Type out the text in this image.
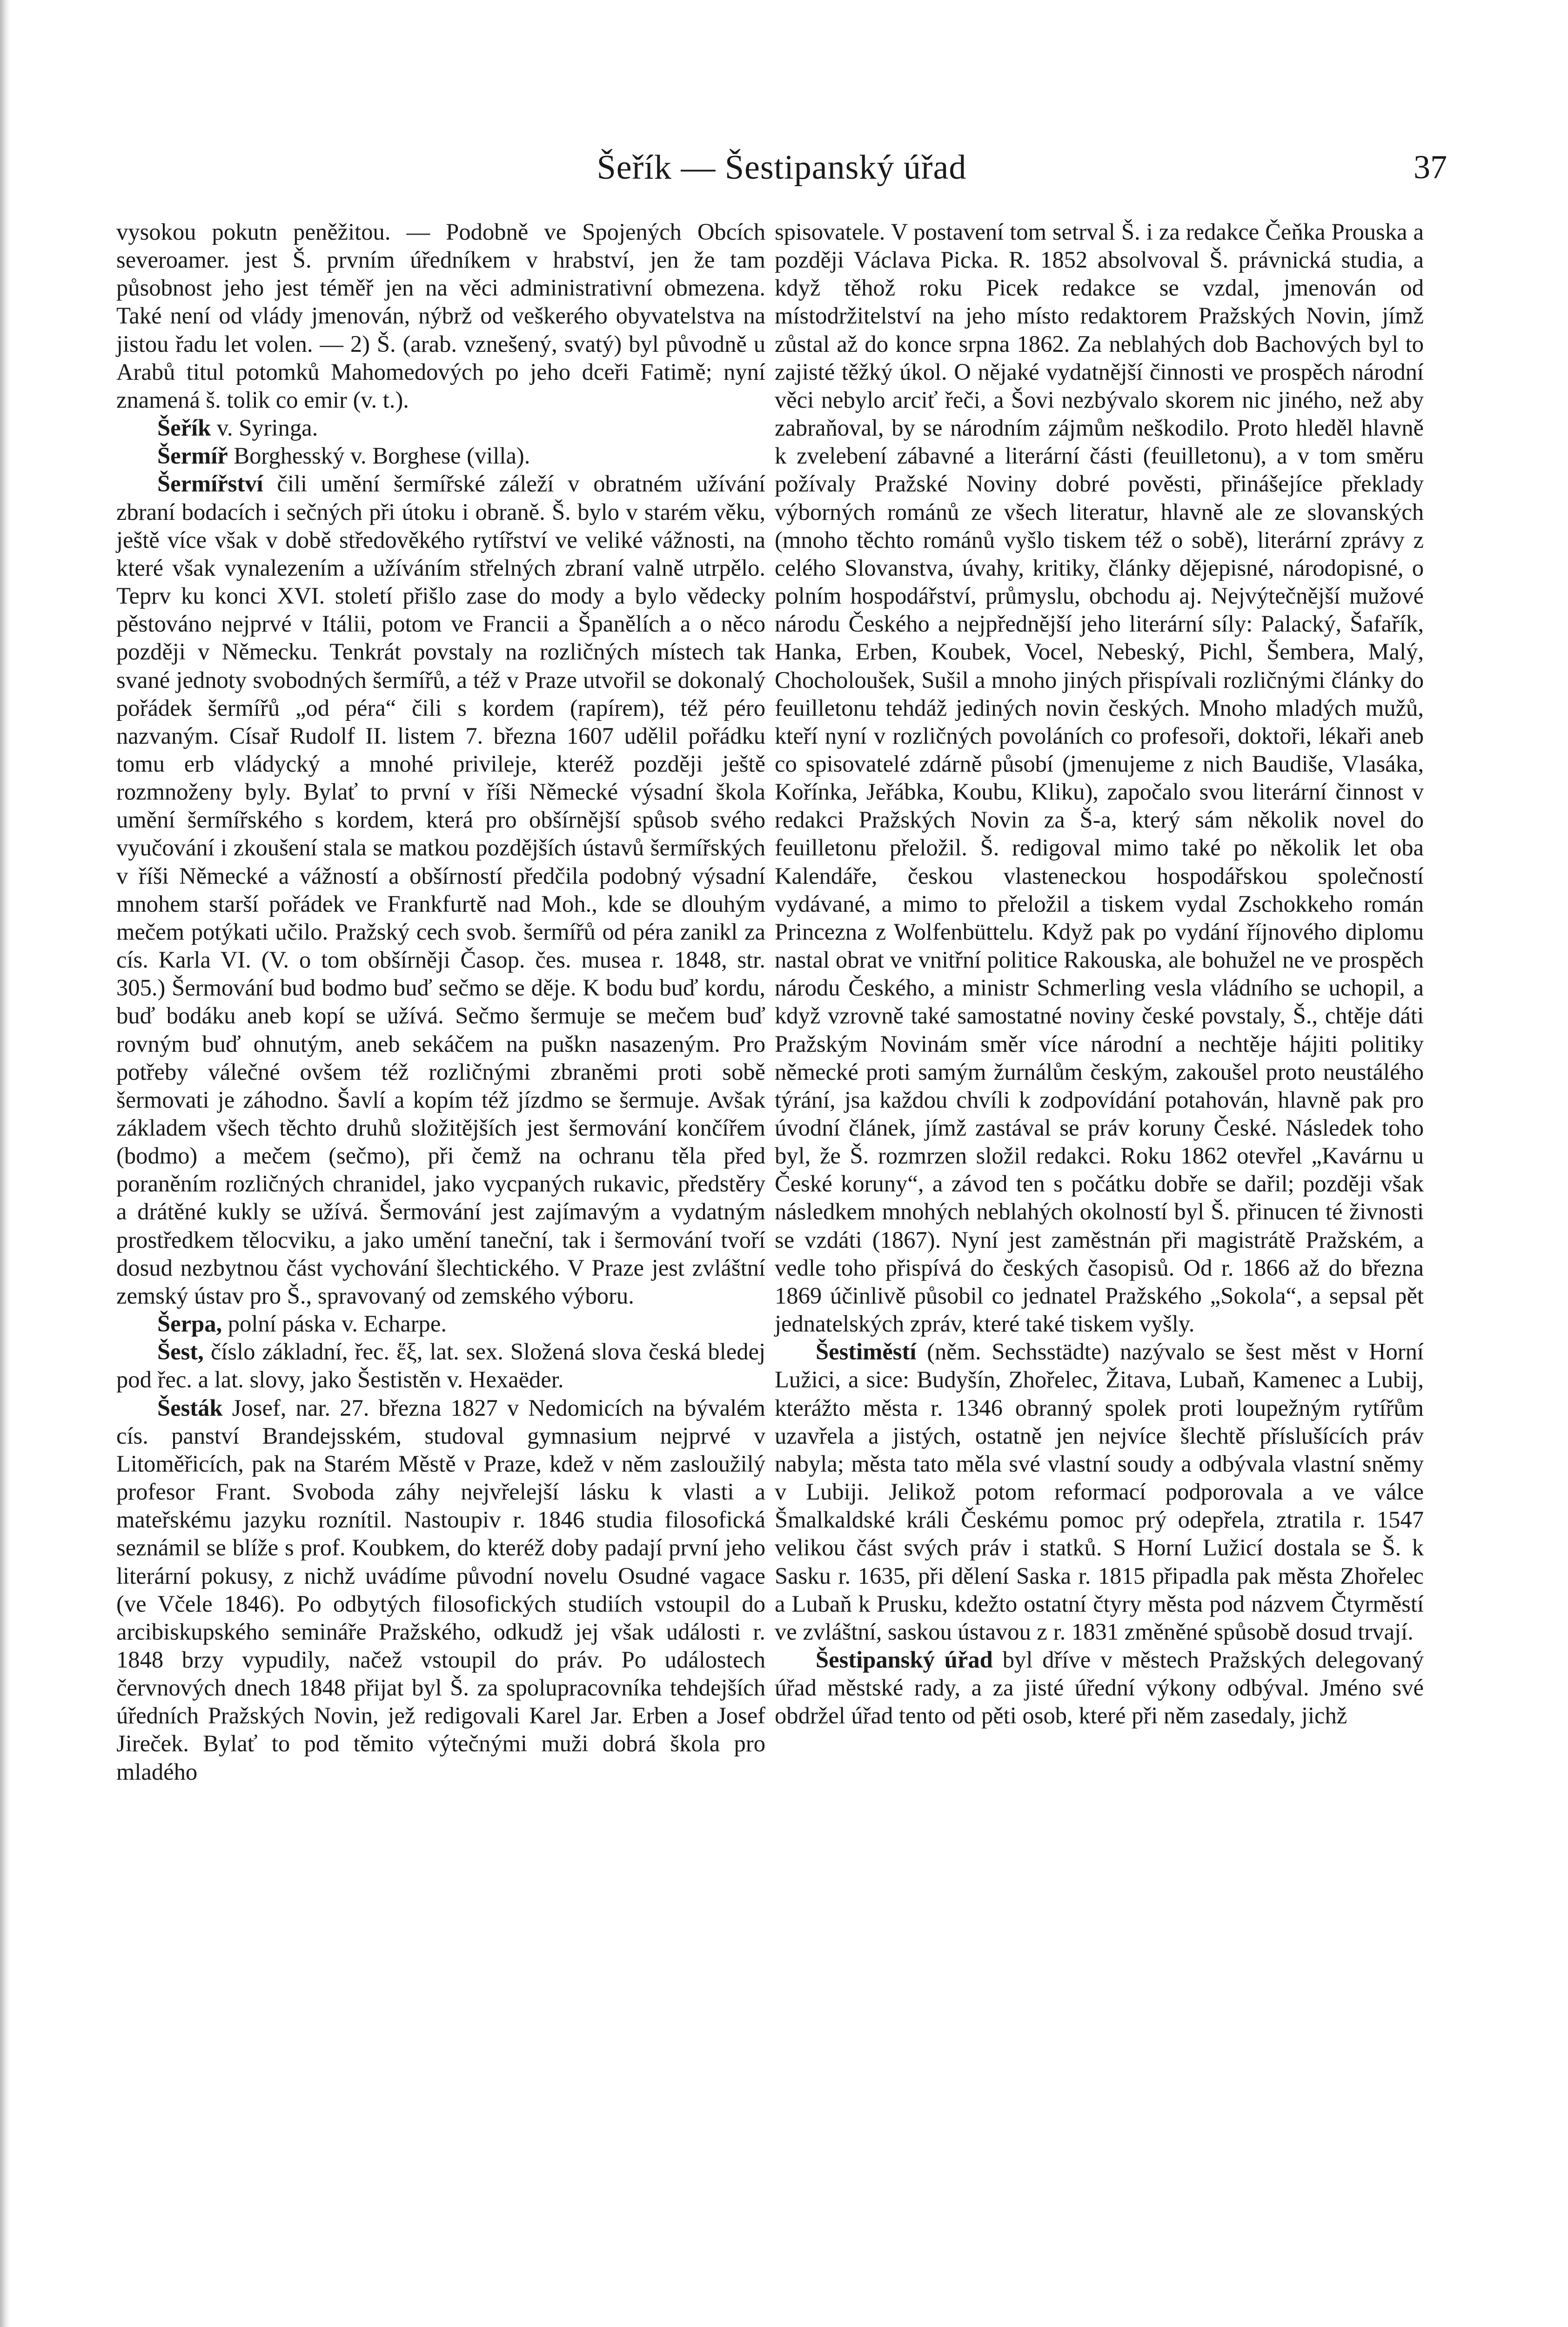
Šeřík — Šestipanský úřad	37

vysokou pokutn peněžitou. — Podobně ve Spojených Obcích severoamer. jest Š. prvním úředníkem v hrabství, jen že tam působnost jeho jest téměř jen na věci administrativní obmezena. Také není od vlády jmenován, nýbrž od veškerého obyvatelstva na jistou řadu let volen. — 2) Š. (arab. vznešený, svatý) byl původně u Arabů titul potomků Mahomedových po jeho dceři Fatimě; nyní znamená š. tolik co emir (v. t.).

Šeřík v. Syringa.

Šermíř Borghesský v. Borghese (villa).

Šermířství čili umění šermířské záleží v obratném užívání zbraní bodacích i sečných při útoku i obraně. Š. bylo v starém věku, ještě více však v době středověkého rytířství ve veliké vážnosti, na které však vynalezením a užíváním střelných zbraní valně utrpělo. Teprv ku konci XVI. století přišlo zase do mody a bylo vědecky pěstováno nejprvé v Itálii, potom ve Francii a Španělích a o něco později v Německu. Tenkrát povstaly na rozličných místech tak svané jednoty svobodných šermířů, a též v Praze utvořil se dokonalý pořádek šermířů „od péra“ čili s kordem (rapírem), též péro nazvaným. Císař Rudolf II. listem 7. března 1607 udělil pořádku tomu erb vládycký a mnohé privileje, kteréž později ještě rozmnoženy byly. Bylať to první v říši Německé výsadní škola umění šermířského s kordem, která pro obšírnější spůsob svého vyučování i zkoušení stala se matkou pozdějších ústavů šermířských v říši Německé a vážností a obšírností předčila podobný výsadní mnohem starší pořádek ve Frankfurtě nad Moh., kde se dlouhým mečem potýkati učilo. Pražský cech svob. šermířů od péra zanikl za cís. Karla VI. (V. o tom obšírněji Časop. čes. musea r. 1848, str. 305.) Šermování bud bodmo buď sečmo se děje. K bodu buď kordu, buď bodáku aneb kopí se užívá. Sečmo šermuje se mečem buď rovným buď ohnutým, aneb sekáčem na puškn nasazeným. Pro potřeby válečné ovšem též rozličnými zbraněmi proti sobě šermovati je záhodno. Šavlí a kopím též jízdmo se šermuje. Avšak základem všech těchto druhů složitějších jest šermování končířem (bodmo) a mečem (sečmo), při čemž na ochranu těla před poraněním rozličných chranidel, jako vycpaných rukavic, předstěry a drátěné kukly se užívá. Šermování jest zajímavým a vydatným prostředkem tělocviku, a jako umění taneční, tak i šermování tvoří dosud nezbytnou část vychování šlechtického. V Praze jest zvláštní zemský ústav pro Š., spravovaný od zemského výboru.

Šerpa, polní páska v. Echarpe.

Šest, číslo základní, řec. ἕξ, lat. sex. Složená slova česká bledej pod řec. a lat. slovy, jako Šestistěn v. Hexaëder.

Šesták Josef, nar. 27. března 1827 v Nedomicích na bývalém cís. panství Brandejsském, studoval gymnasium nejprvé v Litoměřicích, pak na Starém Městě v Praze, kdež v něm zasloužilý profesor Frant. Svoboda záhy nejvřelejší lásku k vlasti a mateřskému jazyku roznítil. Nastoupiv r. 1846 studia filosofická seznámil se blíže s prof. Koubkem, do kteréž doby padají první jeho literární pokusy, z nichž uvádíme původní novelu Osudné vagace (ve Včele 1846). Po odbytých filosofických studiích vstoupil do arcibiskupského semináře Pražského, odkudž jej však události r. 1848 brzy vypudily, načež vstoupil do práv. Po událostech červnových dnech 1848 přijat byl Š. za spolupracovníka tehdejších úředních Pražských Novin, jež redigovali Karel Jar. Erben a Josef Jireček. Bylať to pod těmito výtečnými muži dobrá škola pro mladého

spisovatele. V postavení tom setrval Š. i za redakce Čeňka Prouska a později Václava Picka. R. 1852 absolvoval Š. právnická studia, a když těhož roku Picek redakce se vzdal, jmenován od místodržitelství na jeho místo redaktorem Pražských Novin, jímž zůstal až do konce srpna 1862. Za neblahých dob Bachových byl to zajisté těžký úkol. O nějaké vydatnější činnosti ve prospěch národní věci nebylo arciť řeči, a Šovi nezbývalo skorem nic jiného, než aby zabraňoval, by se národním zájmům neškodilo. Proto hleděl hlavně k zvelebení zábavné a literární části (feuilletonu), a v tom směru požívaly Pražské Noviny dobré pověsti, přinášejíce překlady výborných románů ze všech literatur, hlavně ale ze slovanských (mnoho těchto románů vyšlo tiskem též o sobě), literární zprávy z celého Slovanstva, úvahy, kritiky, články dějepisné, národopisné, o polním hospodářství, průmyslu, obchodu aj. Nejvýtečnější mužové národu Českého a nejpřednější jeho literární síly: Palacký, Šafařík, Hanka, Erben, Koubek, Vocel, Nebeský, Pichl, Šembera, Malý, Chocholoušek, Sušil a mnoho jiných přispívali rozličnými články do feuilletonu tehdáž jediných novin českých. Mnoho mladých mužů, kteří nyní v rozličných povoláních co profesoři, doktoři, lékaři aneb co spisovatelé zdárně působí (jmenujeme z nich Baudiše, Vlasáka, Kořínka, Jeřábka, Koubu, Kliku), započalo svou literární činnost v redakci Pražských Novin za Š-a, který sám několik novel do feuilletonu přeložil. Š. redigoval mimo také po několik let oba Kalendáře, českou vlasteneckou hospodářskou společností vydávané, a mimo to přeložil a tiskem vydal Zschokkeho román Princezna z Wolfenbüttelu. Když pak po vydání říjnového diplomu nastal obrat ve vnitřní politice Rakouska, ale bohužel ne ve prospěch národu Českého, a ministr Schmerling vesla vládního se uchopil, a když vzrovně také samostatné noviny české povstaly, Š., chtěje dáti Pražským Novinám směr více národní a nechtěje hájiti politiky německé proti samým žurnálům českým, zakoušel proto neustálého týrání, jsa každou chvíli k zodpovídání potahován, hlavně pak pro úvodní článek, jímž zastával se práv koruny České. Následek toho byl, že Š. rozmrzen složil redakci. Roku 1862 otevřel „Kavárnu u České koruny“, a závod ten s počátku dobře se dařil; později však následkem mnohých neblahých okolností byl Š. přinucen té živnosti se vzdáti (1867). Nyní jest zaměstnán při magistrátě Pražském, a vedle toho přispívá do českých časopisů. Od r. 1866 až do března 1869 účinlivě působil co jednatel Pražského „Sokola“, a sepsal pět jednatelských zpráv, které také tiskem vyšly.

Šestiměstí (něm. Sechsstädte) nazývalo se šest měst v Horní Lužici, a sice: Budyšín, Zhořelec, Žitava, Lubaň, Kamenec a Lubij, kterážto města r. 1346 obranný spolek proti loupežným rytířům uzavřela a jistých, ostatně jen nejvíce šlechtě příslušících práv nabyla; města tato měla své vlastní soudy a odbývala vlastní sněmy v Lubiji. Jelikož potom reformací podporovala a ve válce Šmalkaldské králi Českému pomoc prý odepřela, ztratila r. 1547 velikou část svých práv i statků. S Horní Lužicí dostala se Š. k Sasku r. 1635, při dělení Saska r. 1815 připadla pak města Zhořelec a Lubaň k Prusku, kdežto ostatní čtyry města pod názvem Čtyrměstí ve zvláštní, saskou ústavou z r. 1831 změněné spůsobě dosud trvají.

Šestipanský úřad byl dříve v městech Pražských delegovaný úřad městské rady, a za jisté úřední výkony odbýval. Jméno své obdržel úřad tento od pěti osob, které při něm zasedaly, jichž
